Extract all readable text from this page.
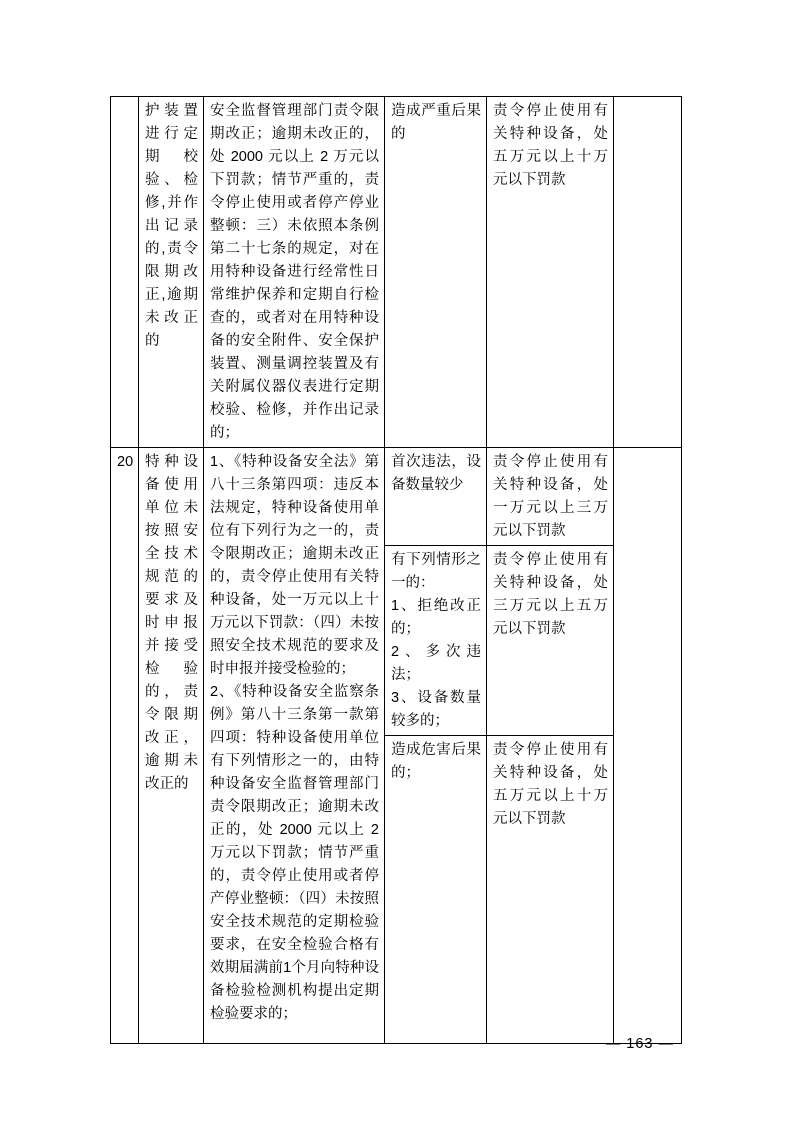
	护装置进行定期校验、检修,并作出记录的,责令限期改正,逾期未改正的	安全监督管理部门责令限期改正；逾期未改正的，处 2000 元以上 2 万元以下罚款；情节严重的，责令停止使用或者停产停业整顿：三）未依照本条例第二十七条的规定，对在用特种设备进行经常性日常维护保养和定期自行检查的，或者对在用特种设备的安全附件、安全保护装置、测量调控装置及有关附属仪器仪表进行定期校验、检修，并作出记录的；	造成严重后果的	责令停止使用有关特种设备，处五万元以上十万元以下罚款	

20	特种设备使用单位未按照安全技术规范的要求及时申报并接受检验的，责令限期改正，逾期未改正的	1、《特种设备安全法》第八十三条第四项：违反本法规定，特种设备使用单位有下列行为之一的，责令限期改正；逾期未改正的，责令停止使用有关特种设备，处一万元以上十万元以下罚款：（四）未按照安全技术规范的要求及时申报并接受检验的；
2、《特种设备安全监察条例》第八十三条第一款第四项：特种设备使用单位有下列情形之一的，由特种设备安全监督管理部门责令限期改正；逾期未改正的，处 2000 元以上 2 万元以下罚款；情节严重的，责令停止使用或者停产停业整顿：（四）未按照安全技术规范的定期检验要求，在安全检验合格有效期届满前1个月向特种设备检验检测机构提出定期检验要求的；	首次违法，设备数量较少	责令停止使用有关特种设备，处一万元以上三万元以下罚款	

			有下列情形之一的：
1、拒绝改正的；
2、多次违法；
3、设备数量较多的；	责令停止使用有关特种设备，处三万元以上五万元以下罚款	

			造成危害后果的；	责令停止使用有关特种设备，处五万元以上十万元以下罚款	
— 163 —
